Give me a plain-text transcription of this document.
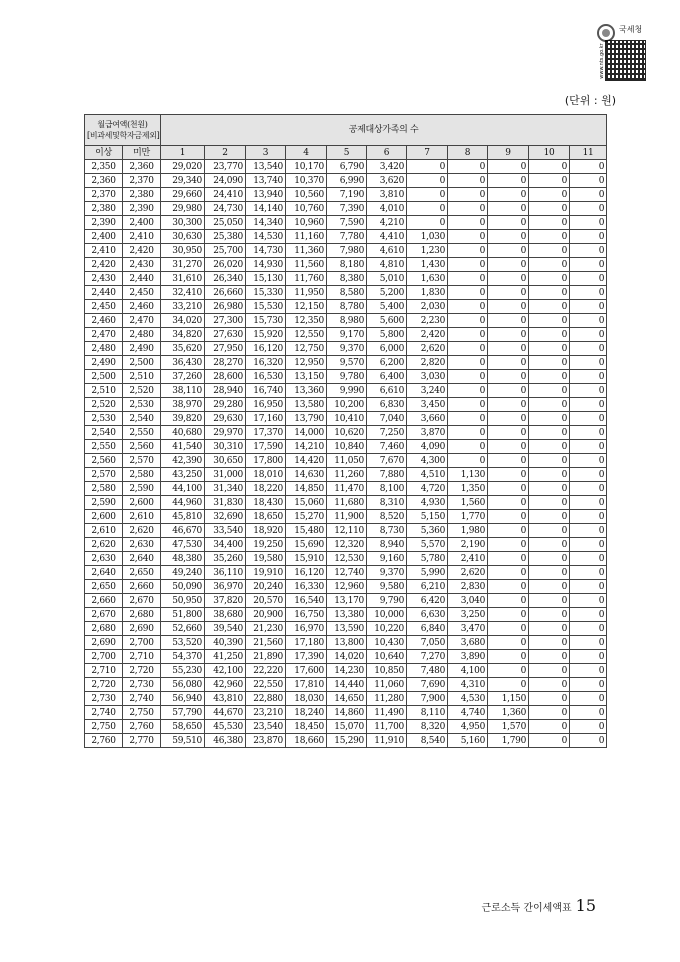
국세청
www.nts.go.kr
(단위 : 원)
월급여액(천원)
[비과세및학자금제외]		공제대상가족의 수										
이상	미만	1	2	3	4	5	6	7	8	9	10	11
2,350	2,360	29,020	23,770	13,540	10,170	6,790	3,420	0	0	0	0	0
2,360	2,370	29,340	24,090	13,740	10,370	6,990	3,620	0	0	0	0	0
2,370	2,380	29,660	24,410	13,940	10,560	7,190	3,810	0	0	0	0	0
2,380	2,390	29,980	24,730	14,140	10,760	7,390	4,010	0	0	0	0	0
2,390	2,400	30,300	25,050	14,340	10,960	7,590	4,210	0	0	0	0	0
2,400	2,410	30,630	25,380	14,530	11,160	7,780	4,410	1,030	0	0	0	0
2,410	2,420	30,950	25,700	14,730	11,360	7,980	4,610	1,230	0	0	0	0
2,420	2,430	31,270	26,020	14,930	11,560	8,180	4,810	1,430	0	0	0	0
2,430	2,440	31,610	26,340	15,130	11,760	8,380	5,010	1,630	0	0	0	0
2,440	2,450	32,410	26,660	15,330	11,950	8,580	5,200	1,830	0	0	0	0
2,450	2,460	33,210	26,980	15,530	12,150	8,780	5,400	2,030	0	0	0	0
2,460	2,470	34,020	27,300	15,730	12,350	8,980	5,600	2,230	0	0	0	0
2,470	2,480	34,820	27,630	15,920	12,550	9,170	5,800	2,420	0	0	0	0
2,480	2,490	35,620	27,950	16,120	12,750	9,370	6,000	2,620	0	0	0	0
2,490	2,500	36,430	28,270	16,320	12,950	9,570	6,200	2,820	0	0	0	0
2,500	2,510	37,260	28,600	16,530	13,150	9,780	6,400	3,030	0	0	0	0
2,510	2,520	38,110	28,940	16,740	13,360	9,990	6,610	3,240	0	0	0	0
2,520	2,530	38,970	29,280	16,950	13,580	10,200	6,830	3,450	0	0	0	0
2,530	2,540	39,820	29,630	17,160	13,790	10,410	7,040	3,660	0	0	0	0
2,540	2,550	40,680	29,970	17,370	14,000	10,620	7,250	3,870	0	0	0	0
2,550	2,560	41,540	30,310	17,590	14,210	10,840	7,460	4,090	0	0	0	0
2,560	2,570	42,390	30,650	17,800	14,420	11,050	7,670	4,300	0	0	0	0
2,570	2,580	43,250	31,000	18,010	14,630	11,260	7,880	4,510	1,130	0	0	0
2,580	2,590	44,100	31,340	18,220	14,850	11,470	8,100	4,720	1,350	0	0	0
2,590	2,600	44,960	31,830	18,430	15,060	11,680	8,310	4,930	1,560	0	0	0
2,600	2,610	45,810	32,690	18,650	15,270	11,900	8,520	5,150	1,770	0	0	0
2,610	2,620	46,670	33,540	18,920	15,480	12,110	8,730	5,360	1,980	0	0	0
2,620	2,630	47,530	34,400	19,250	15,690	12,320	8,940	5,570	2,190	0	0	0
2,630	2,640	48,380	35,260	19,580	15,910	12,530	9,160	5,780	2,410	0	0	0
2,640	2,650	49,240	36,110	19,910	16,120	12,740	9,370	5,990	2,620	0	0	0
2,650	2,660	50,090	36,970	20,240	16,330	12,960	9,580	6,210	2,830	0	0	0
2,660	2,670	50,950	37,820	20,570	16,540	13,170	9,790	6,420	3,040	0	0	0
2,670	2,680	51,800	38,680	20,900	16,750	13,380	10,000	6,630	3,250	0	0	0
2,680	2,690	52,660	39,540	21,230	16,970	13,590	10,220	6,840	3,470	0	0	0
2,690	2,700	53,520	40,390	21,560	17,180	13,800	10,430	7,050	3,680	0	0	0
2,700	2,710	54,370	41,250	21,890	17,390	14,020	10,640	7,270	3,890	0	0	0
2,710	2,720	55,230	42,100	22,220	17,600	14,230	10,850	7,480	4,100	0	0	0
2,720	2,730	56,080	42,960	22,550	17,810	14,440	11,060	7,690	4,310	0	0	0
2,730	2,740	56,940	43,810	22,880	18,030	14,650	11,280	7,900	4,530	1,150	0	0
2,740	2,750	57,790	44,670	23,210	18,240	14,860	11,490	8,110	4,740	1,360	0	0
2,750	2,760	58,650	45,530	23,540	18,450	15,070	11,700	8,320	4,950	1,570	0	0
2,760	2,770	59,510	46,380	23,870	18,660	15,290	11,910	8,540	5,160	1,790	0	0
근로소득 간이세액표 15
